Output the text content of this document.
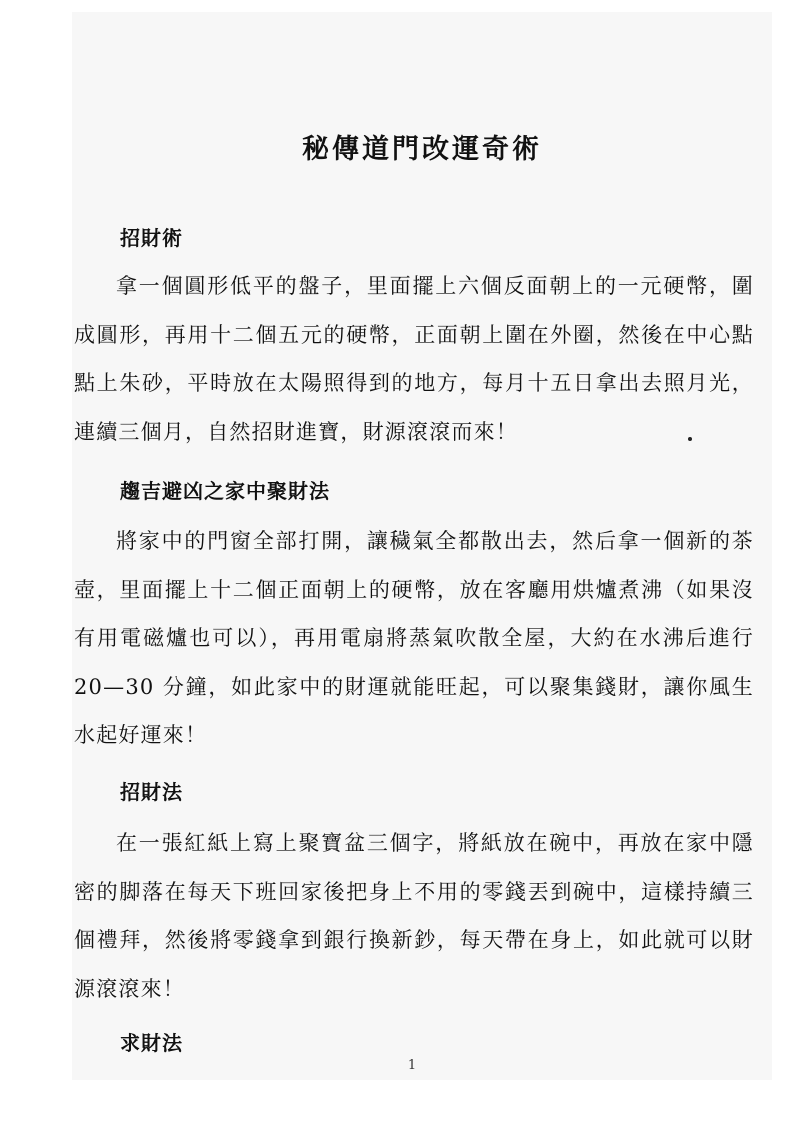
秘傳道門改運奇術
招財術
拿一個圓形低平的盤子，里面擺上六個反面朝上的一元硬幣，圍成圓形，再用十二個五元的硬幣，正面朝上圍在外圈，然後在中心點點上朱砂，平時放在太陽照得到的地方，每月十五日拿出去照月光，連續三個月，自然招財進寶，財源滾滾而來！
趨吉避凶之家中聚財法
將家中的門窗全部打開，讓穢氣全都散出去，然后拿一個新的茶壺，里面擺上十二個正面朝上的硬幣，放在客廳用烘爐煮沸（如果沒有用電磁爐也可以），再用電扇將蒸氣吹散全屋，大約在水沸后進行 20—30 分鐘，如此家中的財運就能旺起，可以聚集錢財，讓你風生水起好運來！
招財法
在一張紅紙上寫上聚寶盆三個字，將紙放在碗中，再放在家中隱密的脚落在每天下班回家後把身上不用的零錢丟到碗中，這樣持續三個禮拜，然後將零錢拿到銀行換新鈔，每天帶在身上，如此就可以財源滾滾來！
求財法
1
